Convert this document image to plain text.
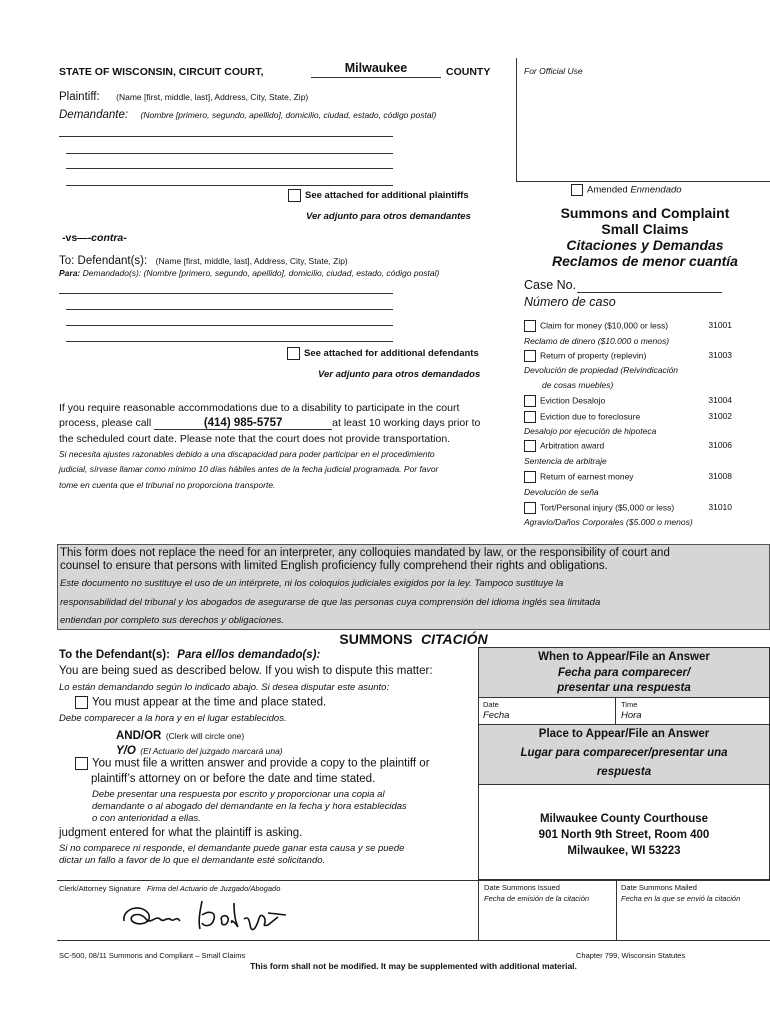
STATE OF WISCONSIN, CIRCUIT COURT,	Milwaukee	COUNTY	For Official Use
Plaintiff: (Name [first, middle, last], Address, City, State, Zip)
Demandante: (Nombre [primero, segundo, apellido], domicilio, ciudad, estado, código postal)
See attached for additional plaintiffs
Ver adjunto para otros demandantes
-vs—-contra-
To: Defendant(s): (Name [first, middle, last], Address, City, State, Zip)
Para: Demandado(s): (Nombre [primero, segundo, apellido], domicilio, ciudad, estado, código postal)
See attached for additional defendants
Ver adjunto para otros demandados
If you require reasonable accommodations due to a disability to participate in the court
process, please call	(414) 985-5757	at least 10 working days prior to
the scheduled court date. Please note that the court does not provide transportation.
Si necesita ajustes razonables debido a una discapacidad para poder participar en el procedimiento
judicial, sírvase llamar como mínimo 10 días hábiles antes de la fecha judicial programada. Por favor
tome en cuenta que el tribunal no proporciona transporte.
Amended Enmendado
Summons and Complaint
Small Claims
Citaciones y Demandas
Reclamos de menor cuantía
Case No.
Número de caso
Claim for money ($10,000 or less)	31001
Reclamo de dinero ($10.000 o menos)
Return of property (replevin)	31003
Devolución de propiedad (Reivindicación
de cosas muebles)
Eviction Desalojo	31004
Eviction due to foreclosure	31002
Desalojo por ejecución de hipoteca
Arbitration award	31006
Sentencia de arbitraje
Return of earnest money	31008
Devolución de seña
Tort/Personal injury ($5,000 or less)	31010
Agravio/Daños Corporales ($5.000 o menos)
This form does not replace the need for an interpreter, any colloquies mandated by law, or the responsibility of court and
counsel to ensure that persons with limited English proficiency fully comprehend their rights and obligations.
Este documento no sustituye el uso de un intérprete, ni los coloquios judiciales exigidos por la ley. Tampoco sustituye la
responsabilidad del tribunal y los abogados de asegurarse de que las personas cuya comprensión del idioma inglés sea limitada
entiendan por completo sus derechos y obligaciones.
SUMMONS CITACIÓN
To the Defendant(s): Para el/los demandado(s):
You are being sued as described below. If you wish to dispute this matter:
Lo están demandando según lo indicado abajo. Si desea disputar este asunto:
You must appear at the time and place stated.
Debe comparecer a la hora y en el lugar establecidos.
AND/OR (Clerk will circle one)
Y/O (El Actuario del juzgado marcará una)
You must file a written answer and provide a copy to the plaintiff or
plaintiff’s attorney on or before the date and time stated.
Debe presentar una respuesta por escrito y proporcionar una copia al
demandante o al abogado del demandante en la fecha y hora establecidas
o con anterioridad a ellas.
judgment entered for what the plaintiff is asking.
Si no comparece ni responde, el demandante puede ganar esta causa y se puede
dictar un fallo a favor de lo que el demandante esté solicitando.
When to Appear/File an Answer
Fecha para comparecer/
presentar una respuesta
Date
Fecha
Time
Hora
Place to Appear/File an Answer
Lugar para comparecer/presentar una
respuesta
Milwaukee County Courthouse
901 North 9th Street, Room 400
Milwaukee, WI 53223
Clerk/Attorney Signature Firma del Actuario de Juzgado/Abogado	Date Summons Issued
Fecha de emisión de la citación
Date Summons Mailed
Fecha en la que se envió la citación
SC-500, 08/11 Summons and Compliant – Small Claims	Chapter 799, Wisconsin Statutes
This form shall not be modified. It may be supplemented with additional material.
